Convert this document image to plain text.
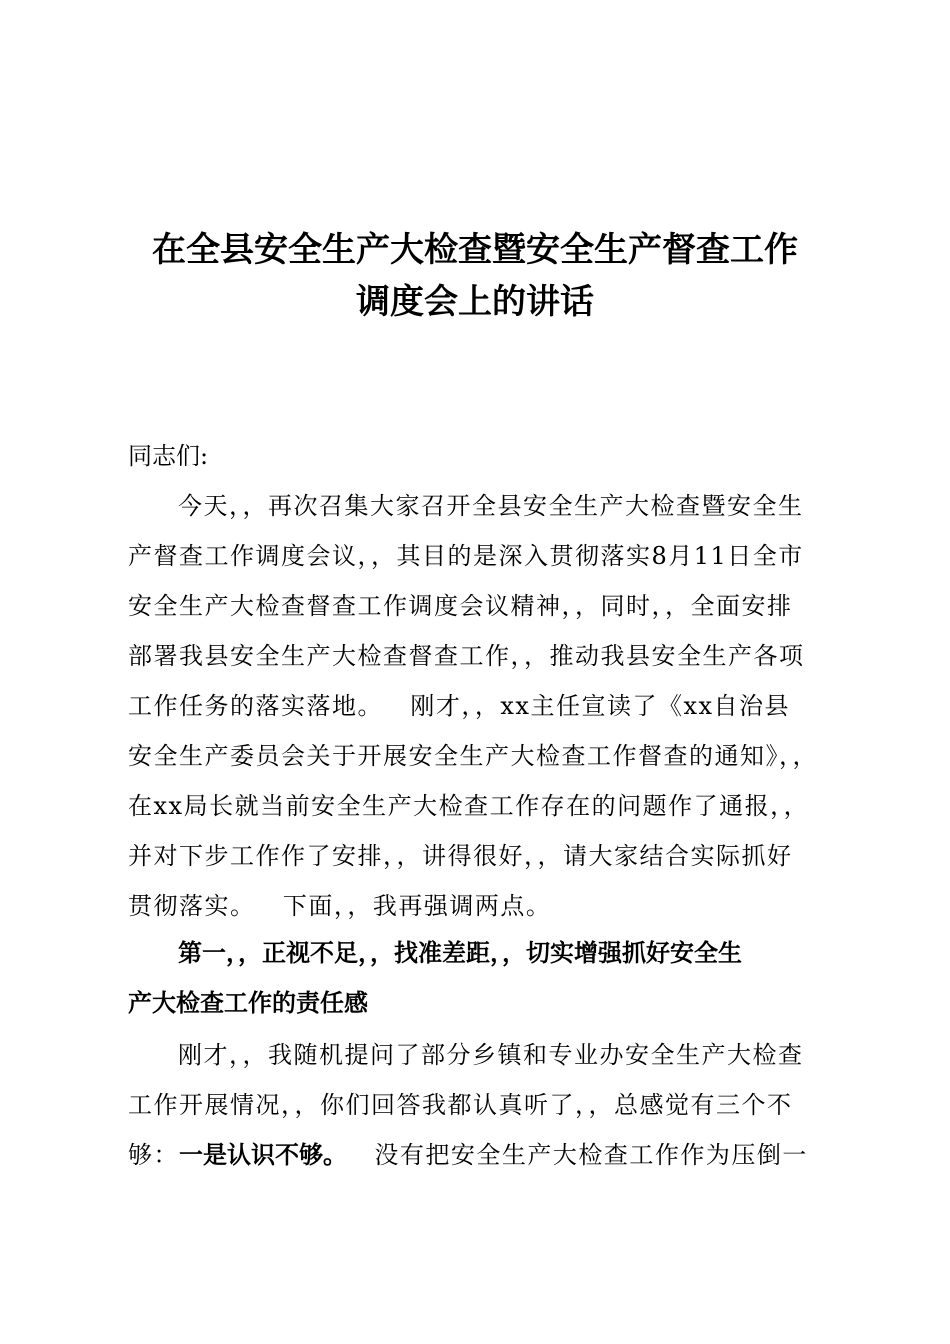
在全县安全生产大检查暨安全生产督查工作
调度会上的讲话
同志们:
今天，，再次召集大家召开全县安全生产大检查暨安全生
产督查工作调度会议，，其目的是深入贯彻落实8月11日全市
安全生产大检查督查工作调度会议精神，，同时，，全面安排
部署我县安全生产大检查督查工作，，推动我县安全生产各项
工作任务的落实落地。   刚才，，xx主任宣读了《xx自治县
安全生产委员会关于开展安全生产大检查工作督查的通知》，，
在xx局长就当前安全生产大检查工作存在的问题作了通报，，
并对下步工作作了安排，，讲得很好，，请大家结合实际抓好
贯彻落实。   下面，，我再强调两点。
第一，，正视不足，，找准差距，，切实增强抓好安全生
产大检查工作的责任感
刚才，，我随机提问了部分乡镇和专业办安全生产大检查
工作开展情况，，你们回答我都认真听了，，总感觉有三个不
够：一是认识不够。   没有把安全生产大检查工作作为压倒一
